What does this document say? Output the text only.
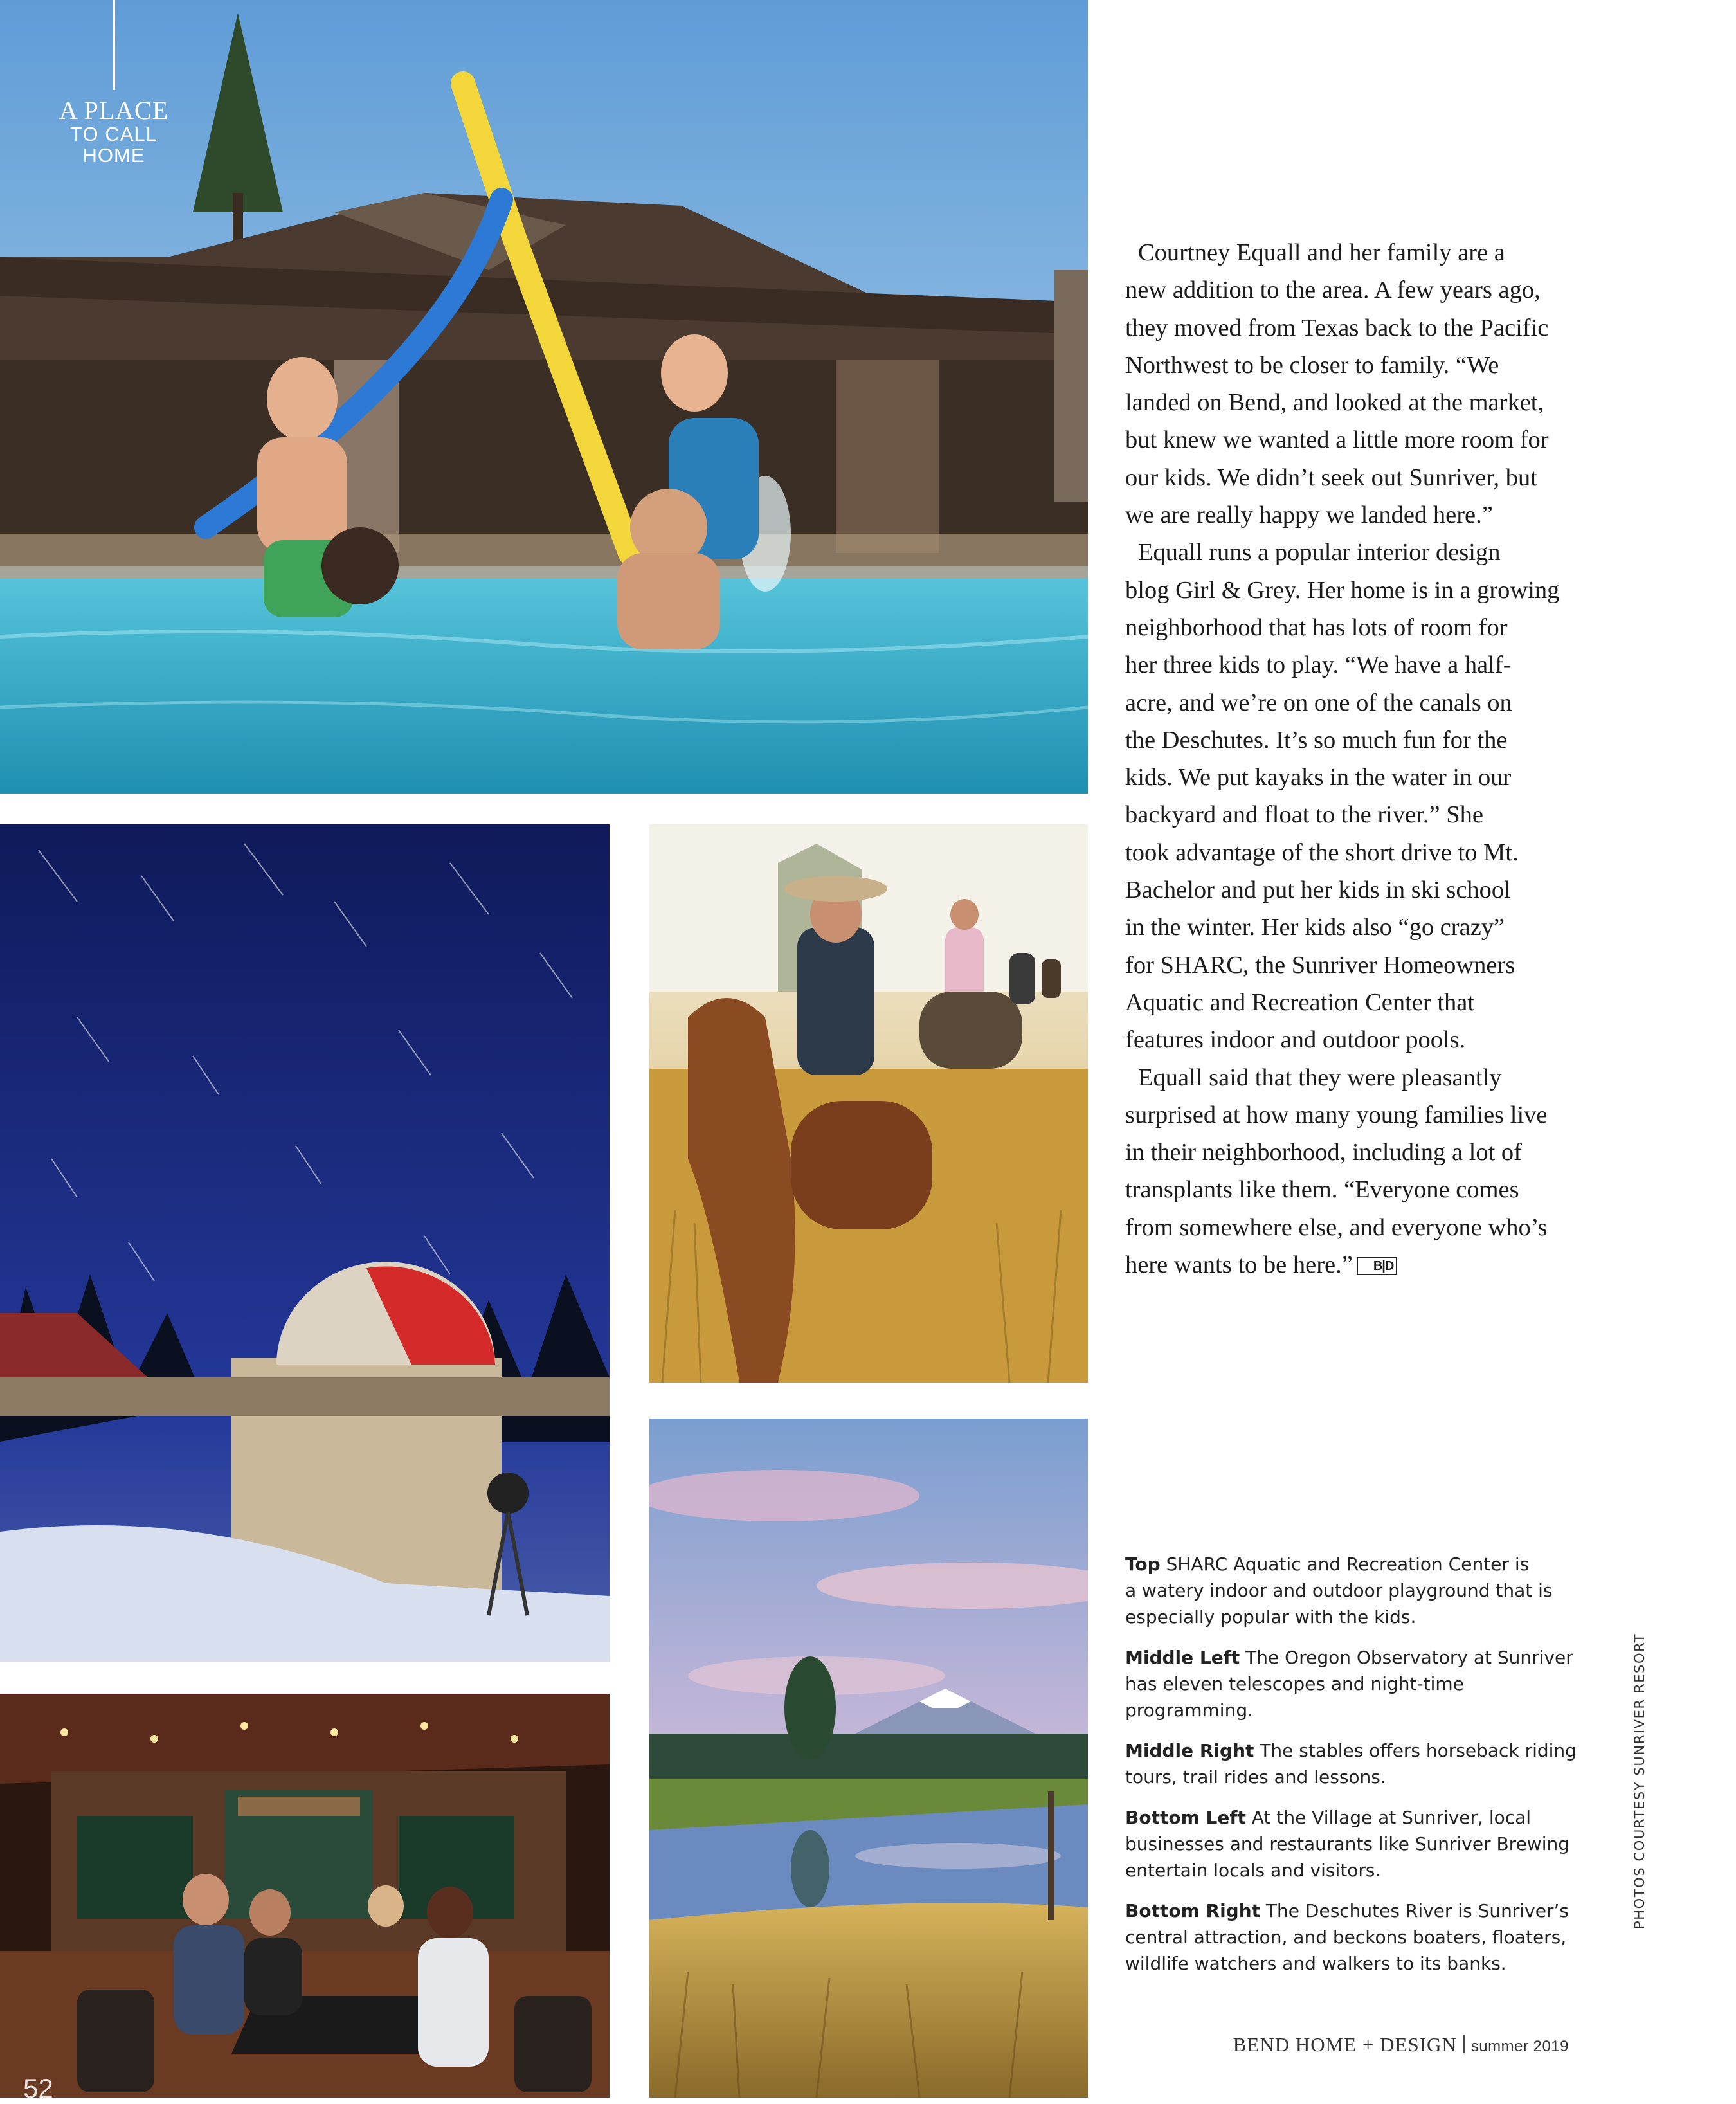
A PLACE
TO CALL
HOME

Courtney Equall and her family are a
new addition to the area. A few years ago,
they moved from Texas back to the Pacific
Northwest to be closer to family. “We
landed on Bend, and looked at the market,
but knew we wanted a little more room for
our kids. We didn’t seek out Sunriver, but
we are really happy we landed here.”

Equall runs a popular interior design
blog Girl & Grey. Her home is in a growing
neighborhood that has lots of room for
her three kids to play. “We have a half-
acre, and we’re on one of the canals on
the Deschutes. It’s so much fun for the
kids. We put kayaks in the water in our
backyard and float to the river.” She
took advantage of the short drive to Mt.
Bachelor and put her kids in ski school
in the winter. Her kids also “go crazy”
for SHARC, the Sunriver Homeowners
Aquatic and Recreation Center that
features indoor and outdoor pools.

Equall said that they were pleasantly
surprised at how many young families live
in their neighborhood, including a lot of
transplants like them. “Everyone comes
from somewhere else, and everyone who’s
here wants to be here.” B|D

Top SHARC Aquatic and Recreation Center is
a watery indoor and outdoor playground that is
especially popular with the kids.

Middle Left The Oregon Observatory at Sunriver
has eleven telescopes and night-time programming.

Middle Right The stables offers horseback riding
tours, trail rides and lessons.

Bottom Left At the Village at Sunriver, local
businesses and restaurants like Sunriver Brewing
entertain locals and visitors.

Bottom Right The Deschutes River is Sunriver’s
central attraction, and beckons boaters, floaters,
wildlife watchers and walkers to its banks.

PHOTOS COURTESY SUNRIVER RESORT
52
BEND HOME + DESIGN summer 2019
